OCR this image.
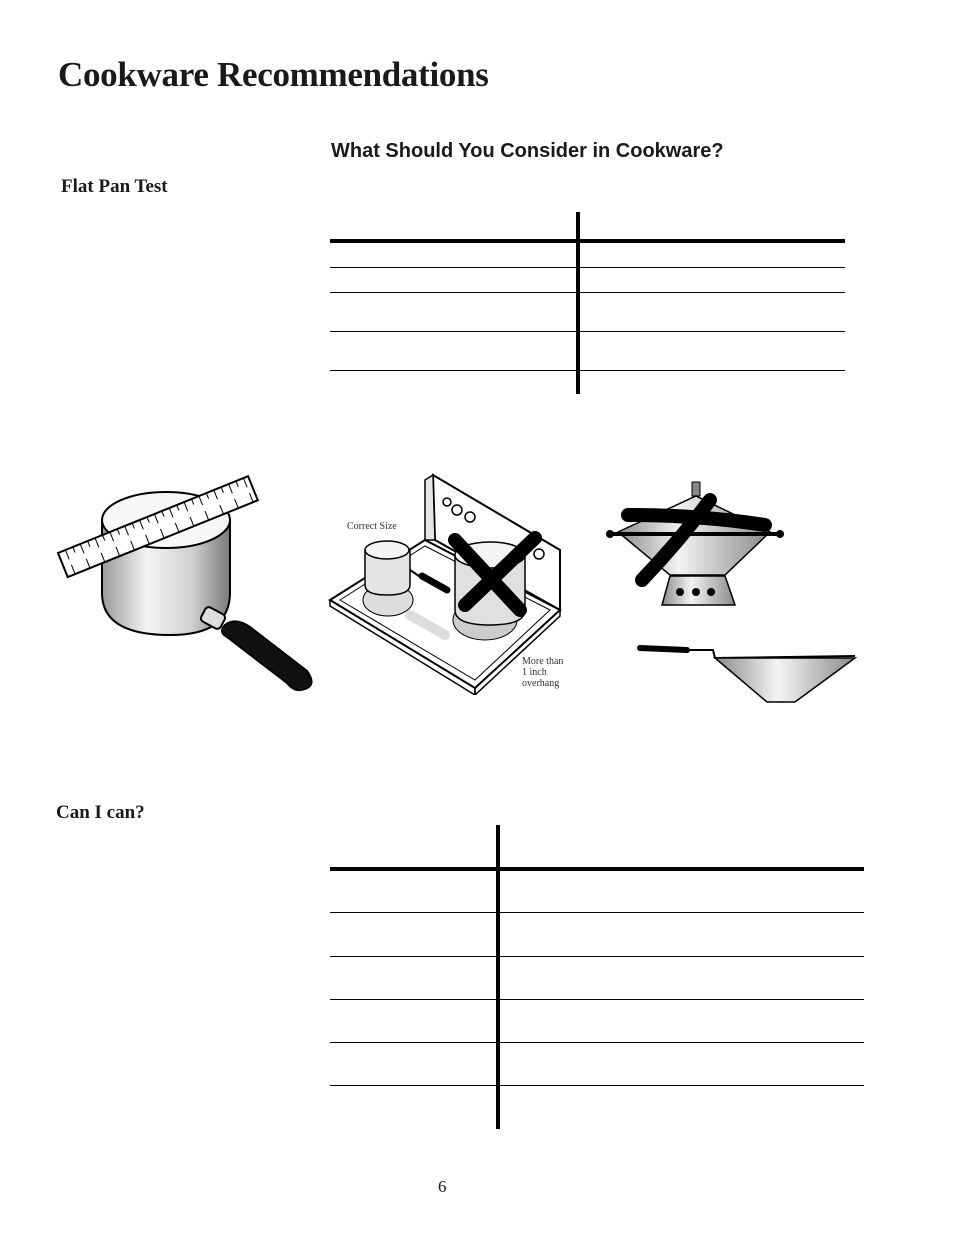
Cookware Recommendations
What Should You Consider in Cookware?
Flat Pan Test
Can I can?
Correct Size
More than
1 inch
overhang
6
